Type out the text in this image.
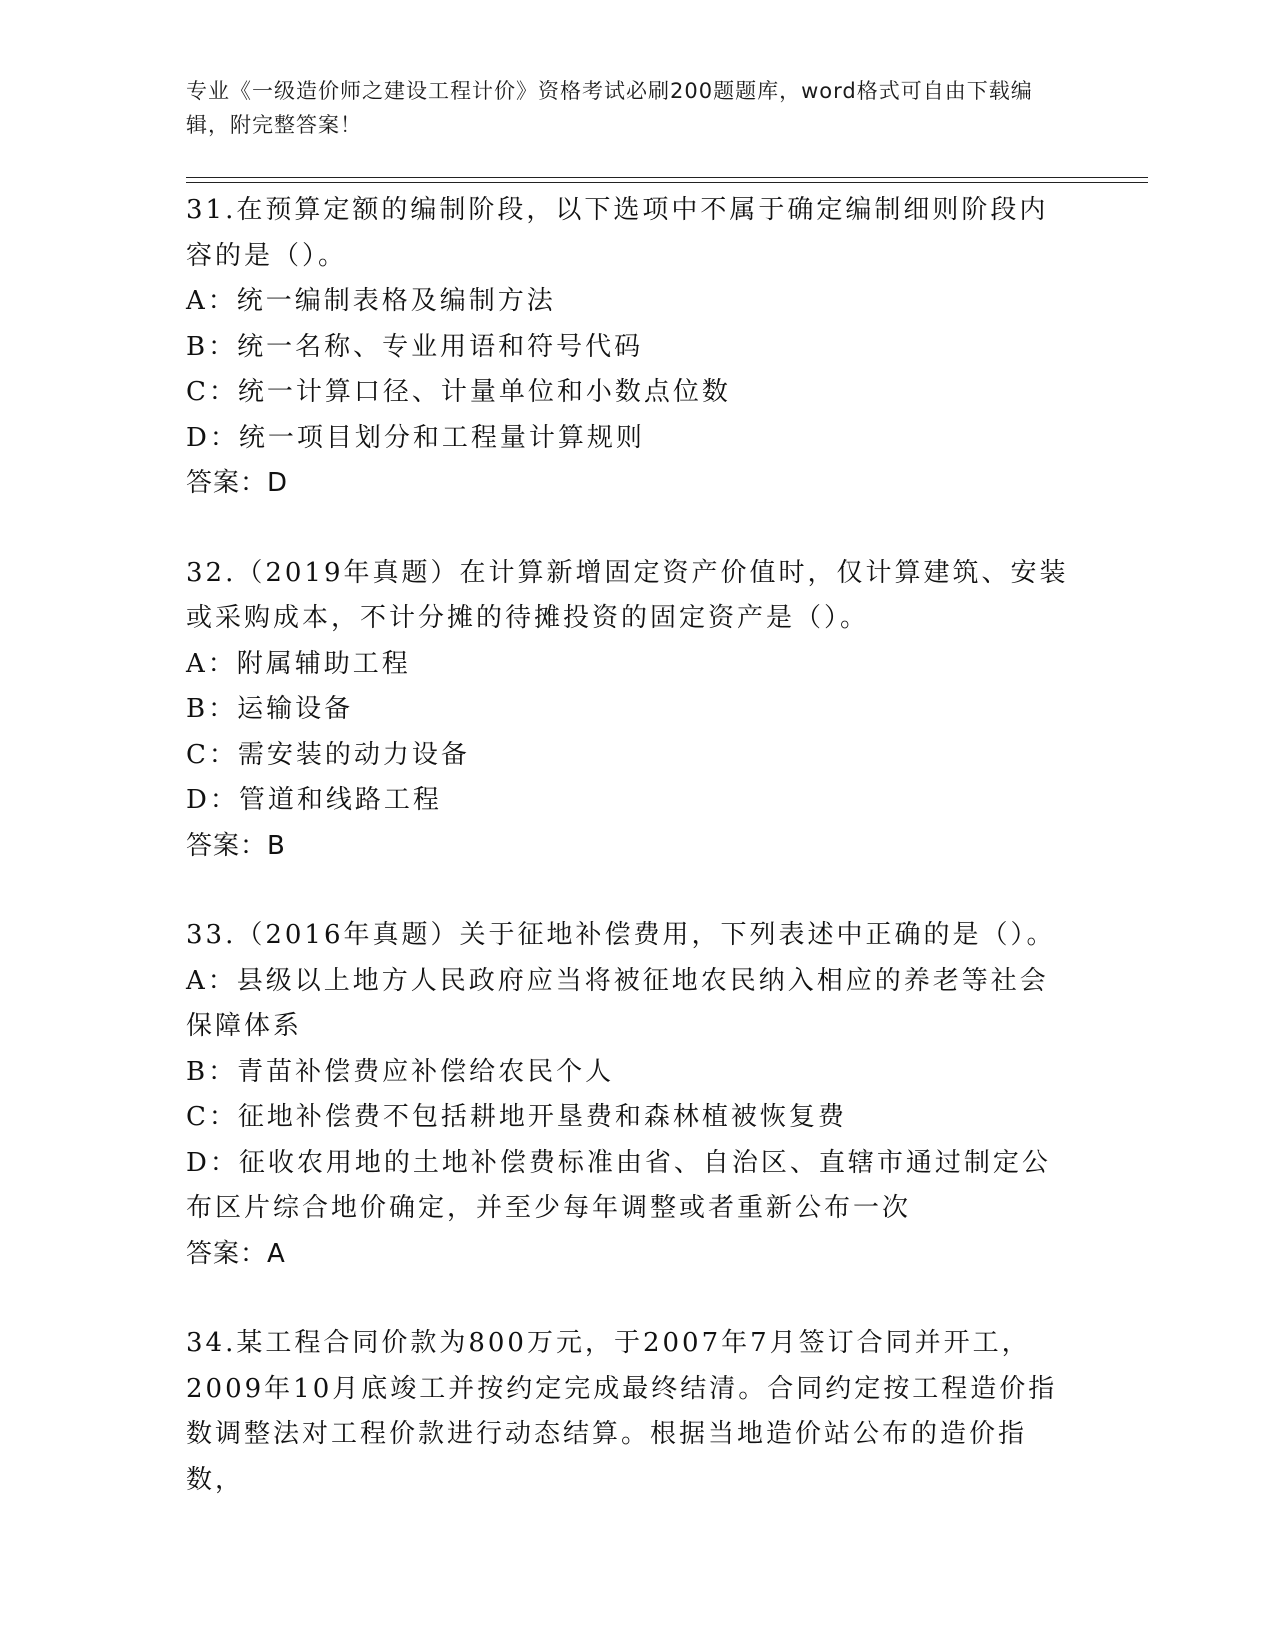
专业《一级造价师之建设工程计价》资格考试必刷200题题库，word格式可自由下载编辑，附完整答案！
31.在预算定额的编制阶段，以下选项中不属于确定编制细则阶段内容的是（）。
A：统一编制表格及编制方法
B：统一名称、专业用语和符号代码
C：统一计算口径、计量单位和小数点位数
D：统一项目划分和工程量计算规则
答案：D
32.（2019年真题）在计算新增固定资产价值时，仅计算建筑、安装或采购成本，不计分摊的待摊投资的固定资产是（）。
A：附属辅助工程
B：运输设备
C：需安装的动力设备
D：管道和线路工程
答案：B
33.（2016年真题）关于征地补偿费用，下列表述中正确的是（）。
A：县级以上地方人民政府应当将被征地农民纳入相应的养老等社会保障体系
B：青苗补偿费应补偿给农民个人
C：征地补偿费不包括耕地开垦费和森林植被恢复费
D：征收农用地的土地补偿费标准由省、自治区、直辖市通过制定公布区片综合地价确定，并至少每年调整或者重新公布一次
答案：A
34.某工程合同价款为800万元，于2007年7月签订合同并开工，2009年10月底竣工并按约定完成最终结清。合同约定按工程造价指数调整法对工程价款进行动态结算。根据当地造价站公布的造价指数，
